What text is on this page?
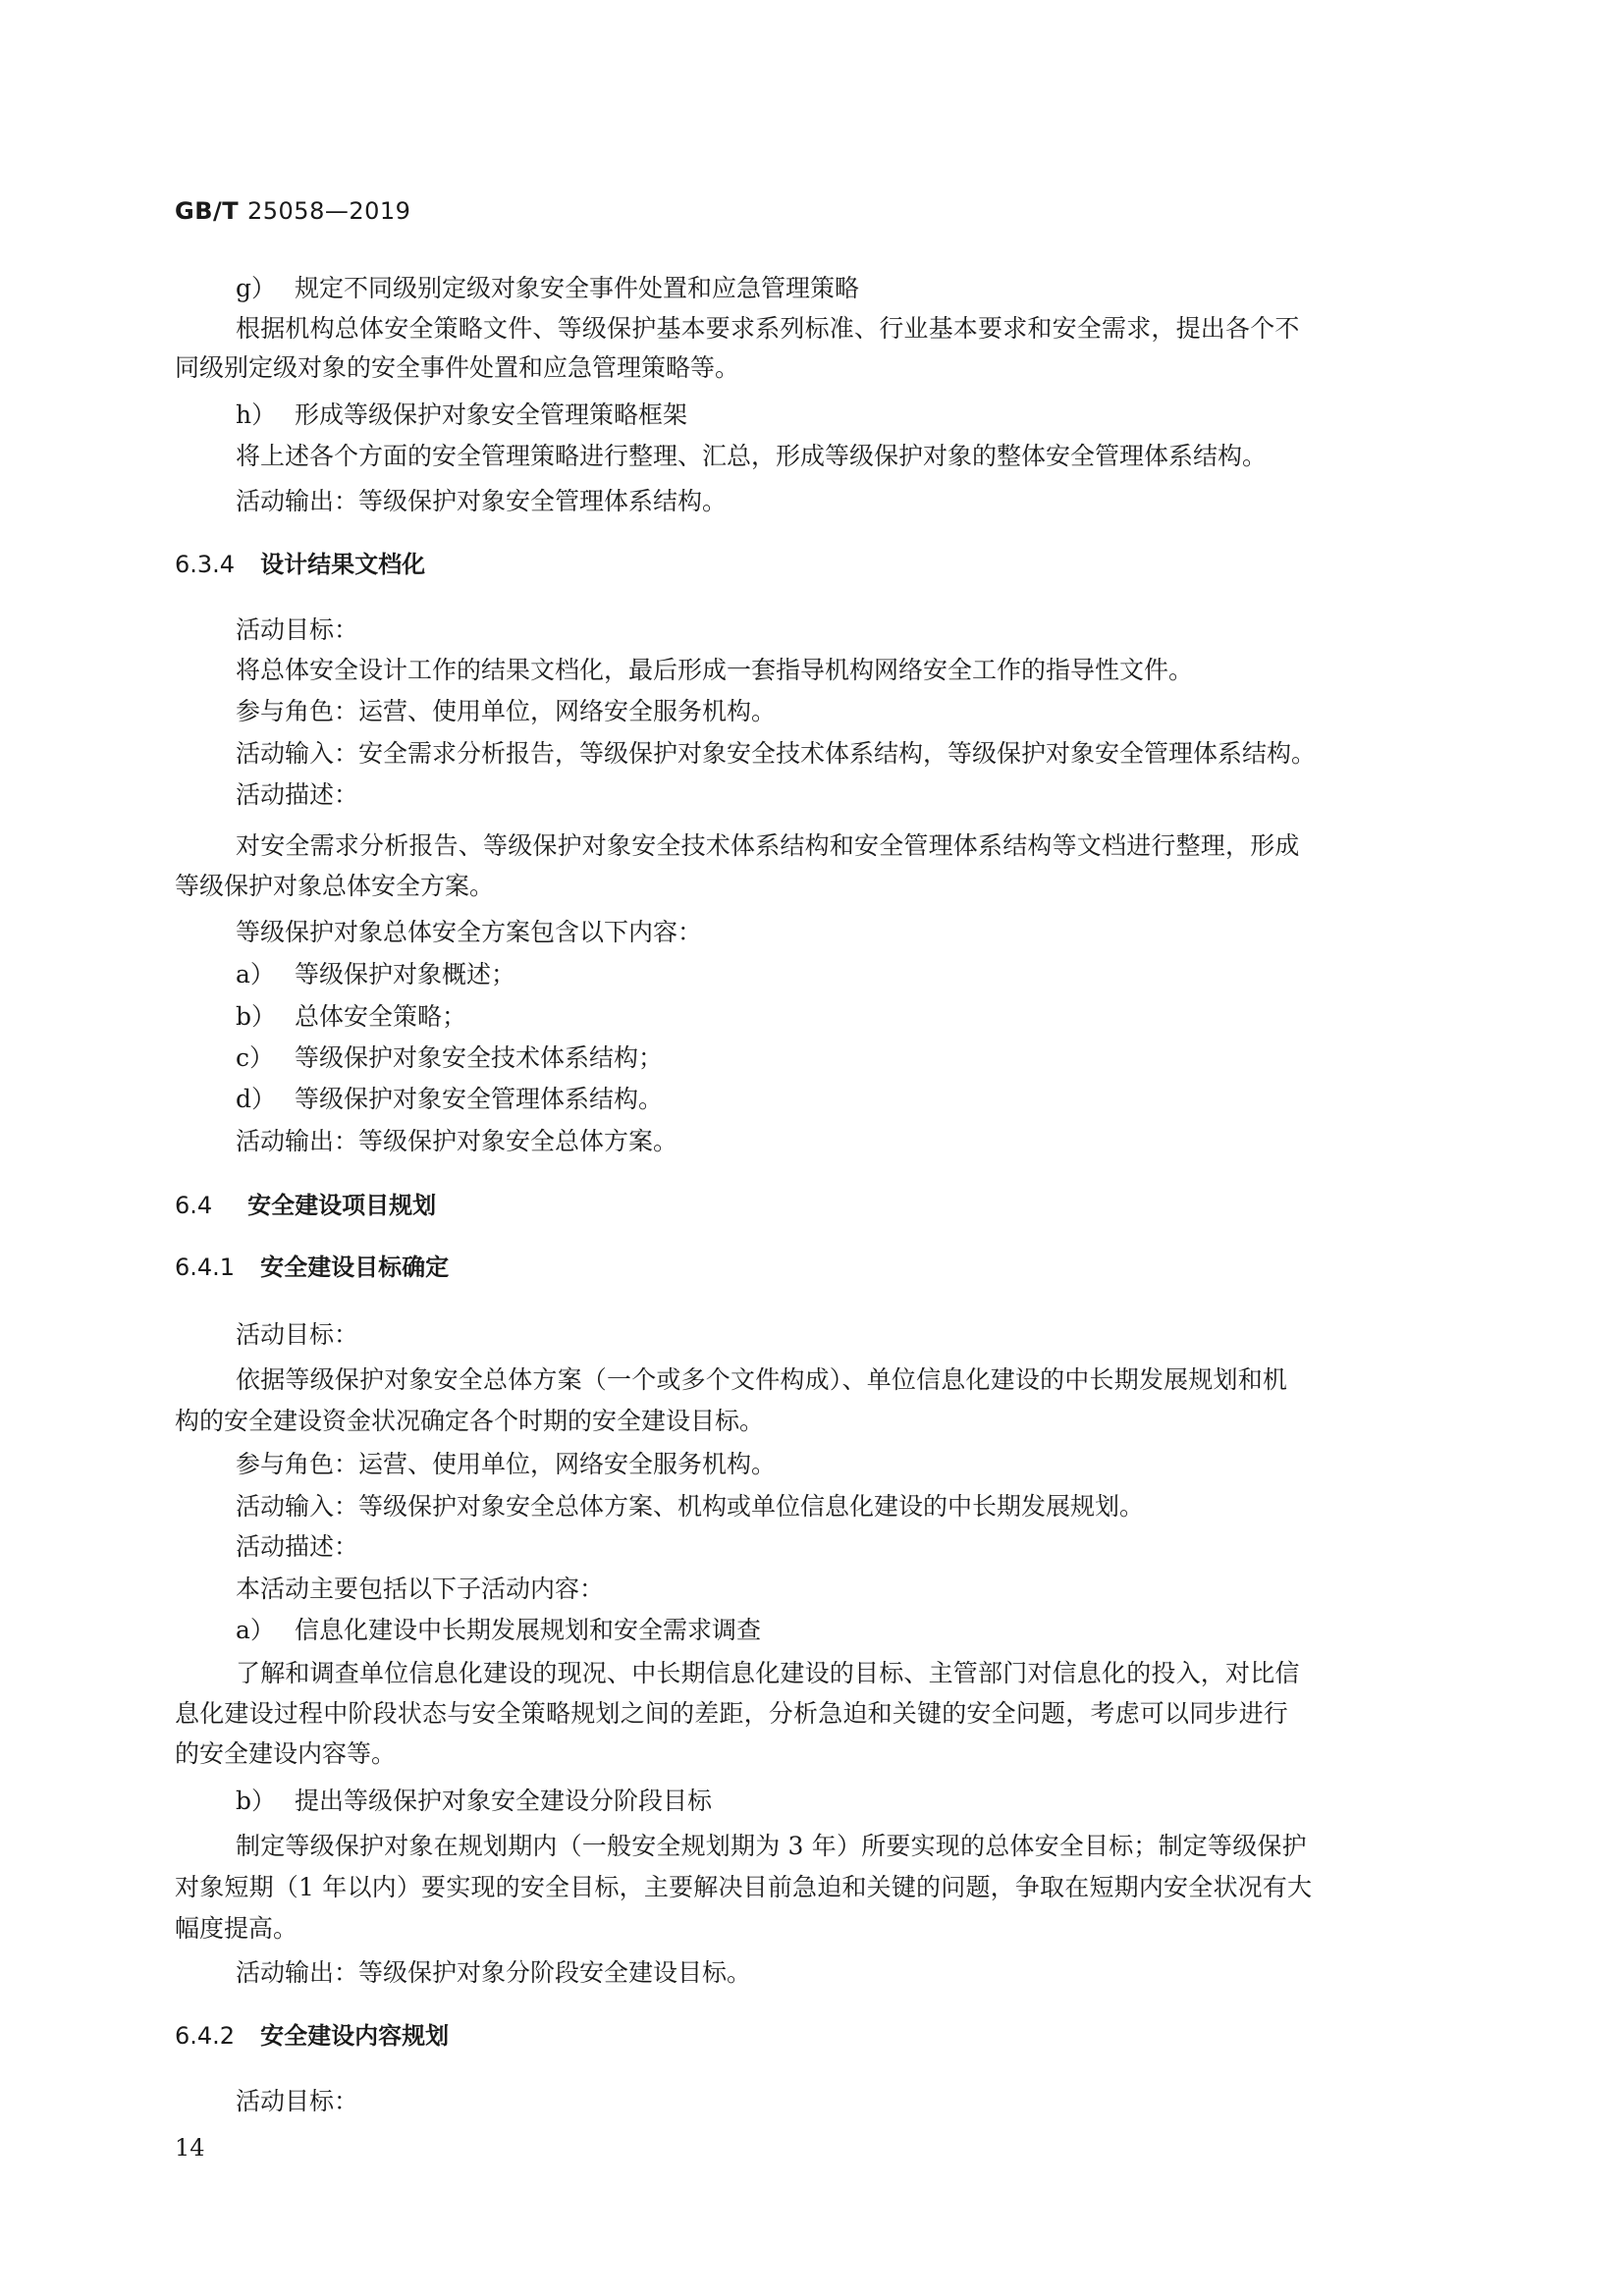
GB/T 25058—2019
g） 规定不同级别定级对象安全事件处置和应急管理策略
根据机构总体安全策略文件、等级保护基本要求系列标准、行业基本要求和安全需求，提出各个不
同级别定级对象的安全事件处置和应急管理策略等。
h） 形成等级保护对象安全管理策略框架
将上述各个方面的安全管理策略进行整理、汇总，形成等级保护对象的整体安全管理体系结构。
活动输出：等级保护对象安全管理体系结构。
6.3.4 设计结果文档化
活动目标：
将总体安全设计工作的结果文档化，最后形成一套指导机构网络安全工作的指导性文件。
参与角色：运营、使用单位，网络安全服务机构。
活动输入：安全需求分析报告，等级保护对象安全技术体系结构，等级保护对象安全管理体系结构。
活动描述：
对安全需求分析报告、等级保护对象安全技术体系结构和安全管理体系结构等文档进行整理，形成
等级保护对象总体安全方案。
等级保护对象总体安全方案包含以下内容：
a） 等级保护对象概述；
b） 总体安全策略；
c） 等级保护对象安全技术体系结构；
d） 等级保护对象安全管理体系结构。
活动输出：等级保护对象安全总体方案。
6.4 安全建设项目规划
6.4.1 安全建设目标确定
活动目标：
依据等级保护对象安全总体方案（一个或多个文件构成）、单位信息化建设的中长期发展规划和机
构的安全建设资金状况确定各个时期的安全建设目标。
参与角色：运营、使用单位，网络安全服务机构。
活动输入：等级保护对象安全总体方案、机构或单位信息化建设的中长期发展规划。
活动描述：
本活动主要包括以下子活动内容：
a） 信息化建设中长期发展规划和安全需求调查
了解和调查单位信息化建设的现况、中长期信息化建设的目标、主管部门对信息化的投入，对比信
息化建设过程中阶段状态与安全策略规划之间的差距，分析急迫和关键的安全问题，考虑可以同步进行
的安全建设内容等。
b） 提出等级保护对象安全建设分阶段目标
制定等级保护对象在规划期内（一般安全规划期为 3 年）所要实现的总体安全目标；制定等级保护
对象短期（1 年以内）要实现的安全目标，主要解决目前急迫和关键的问题，争取在短期内安全状况有大
幅度提高。
活动输出：等级保护对象分阶段安全建设目标。
6.4.2 安全建设内容规划
活动目标：
14
